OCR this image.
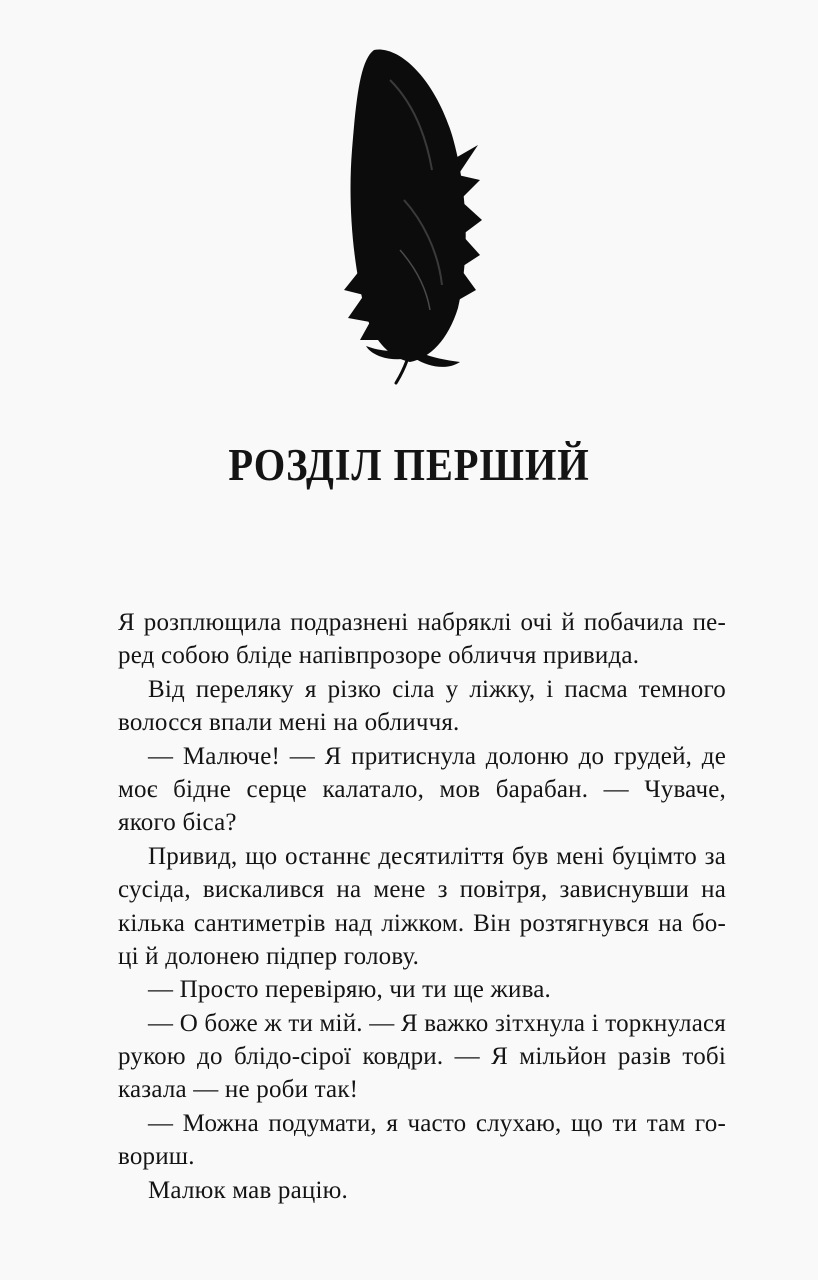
РОЗДІЛ ПЕРШИЙ
Я розплющила подразнені набряклі очі й побачила пе-
ред собою бліде напівпрозоре обличчя привида.
Від переляку я різко сіла у ліжку, і пасма темного
волосся впали мені на обличчя.
— Малюче! — Я притиснула долоню до грудей, де
моє бідне серце калатало, мов барабан. — Чуваче,
якого біса?
Привид, що останнє десятиліття був мені буцімто за
сусіда, вискалився на мене з повітря, зависнувши на
кілька сантиметрів над ліжком. Він розтягнувся на бо-
ці й долонею підпер голову.
— Просто перевіряю, чи ти ще жива.
— О боже ж ти мій. — Я важко зітхнула і торкнулася
рукою до блідо-сірої ковдри. — Я мільйон разів тобі
казала — не роби так!
— Можна подумати, я часто слухаю, що ти там го-
вориш.
Малюк мав рацію.
